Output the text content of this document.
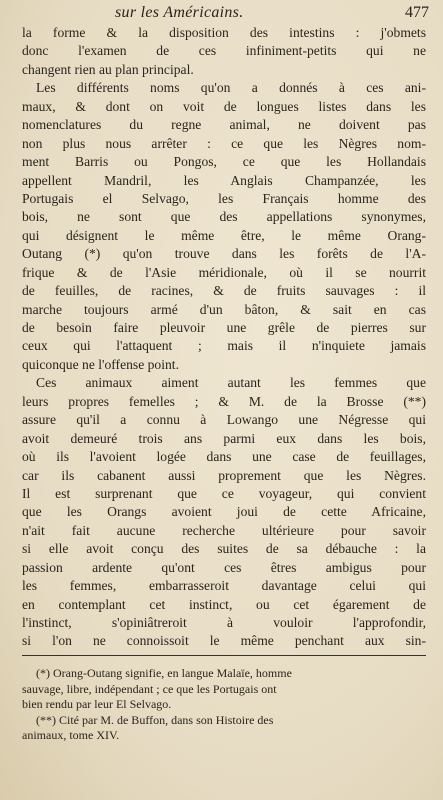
sur les Américains.	477
la forme & la disposition des intestins : j'obmets
donc l'examen de ces infiniment-petits qui ne
changent rien au plan principal.
Les différents noms qu'on a donnés à ces ani-
maux, & dont on voit de longues listes dans les
nomenclatures du regne animal, ne doivent pas
non plus nous arrêter : ce que les Nègres nom-
ment Barris ou Pongos, ce que les Hollandais
appellent Mandril, les Anglais Champanzée, les
Portugais el Selvago, les Français homme des
bois, ne sont que des appellations synonymes,
qui désignent le même être, le même Orang-
Outang (*) qu'on trouve dans les forêts de l'A-
frique & de l'Asie méridionale, où il se nourrit
de feuilles, de racines, & de fruits sauvages : il
marche toujours armé d'un bâton, & sait en cas
de besoin faire pleuvoir une grêle de pierres sur
ceux qui l'attaquent ; mais il n'inquiete jamais
quiconque ne l'offense point.
Ces animaux aiment autant les femmes que
leurs propres femelles ; & M. de la Brosse (**)
assure qu'il a connu à Lowango une Négresse qui
avoit demeuré trois ans parmi eux dans les bois,
où ils l'avoient logée dans une case de feuillages,
car ils cabanent aussi proprement que les Nègres.
Il est surprenant que ce voyageur, qui convient
que les Orangs avoient joui de cette Africaine,
n'ait fait aucune recherche ultérieure pour savoir
si elle avoit conçu des suites de sa débauche : la
passion ardente qu'ont ces êtres ambigus pour
les femmes, embarrasseroit davantage celui qui
en contemplant cet instinct, ou cet égarement de
l'instinct, s'opiniâtreroit à vouloir l'approfondir,
si l'on ne connoissoit le même penchant aux sin-
(*) Orang-Outang signifie, en langue Malaïe, homme
sauvage, libre, indépendant ; ce que les Portugais ont
bien rendu par leur El Selvago.
(**) Cité par M. de Buffon, dans son Histoire des
animaux, tome XIV.
